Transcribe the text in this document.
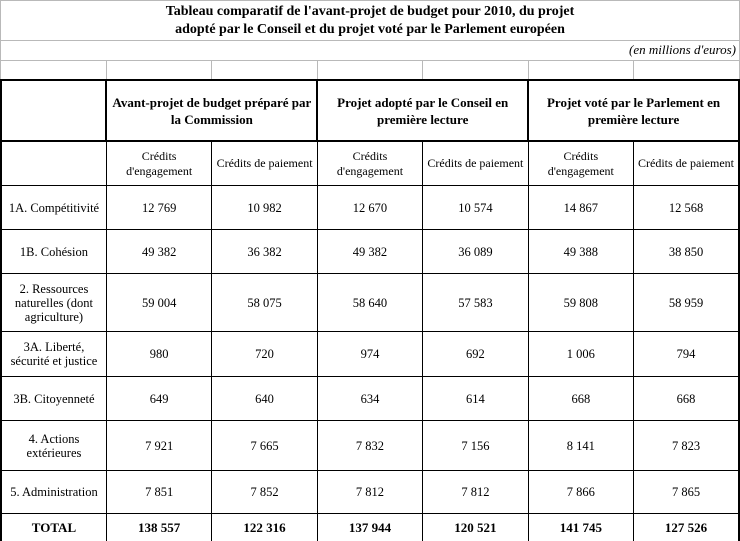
Tableau comparatif de l'avant-projet de budget pour 2010, du projet
adopté par le Conseil et du projet voté par le Parlement européen
(en millions d'euros)
	Avant-projet de budget préparé par la Commission		Projet adopté par le Conseil en première lecture		Projet voté par le Parlement en première lecture	
	Crédits d'engagement	Crédits de paiement	Crédits d'engagement	Crédits de paiement	Crédits d'engagement	Crédits de paiement
1A. Compétitivité	12 769	10 982	12 670	10 574	14 867	12 568
1B. Cohésion	49 382	36 382	49 382	36 089	49 388	38 850
2. Ressources naturelles (dont agriculture)	59 004	58 075	58 640	57 583	59 808	58 959
3A. Liberté, sécurité et justice	980	720	974	692	1 006	794
3B. Citoyenneté	649	640	634	614	668	668
4. Actions extérieures	7 921	7 665	7 832	7 156	8 141	7 823
5. Administration	7 851	7 852	7 812	7 812	7 866	7 865
TOTAL	138 557	122 316	137 944	120 521	141 745	127 526
